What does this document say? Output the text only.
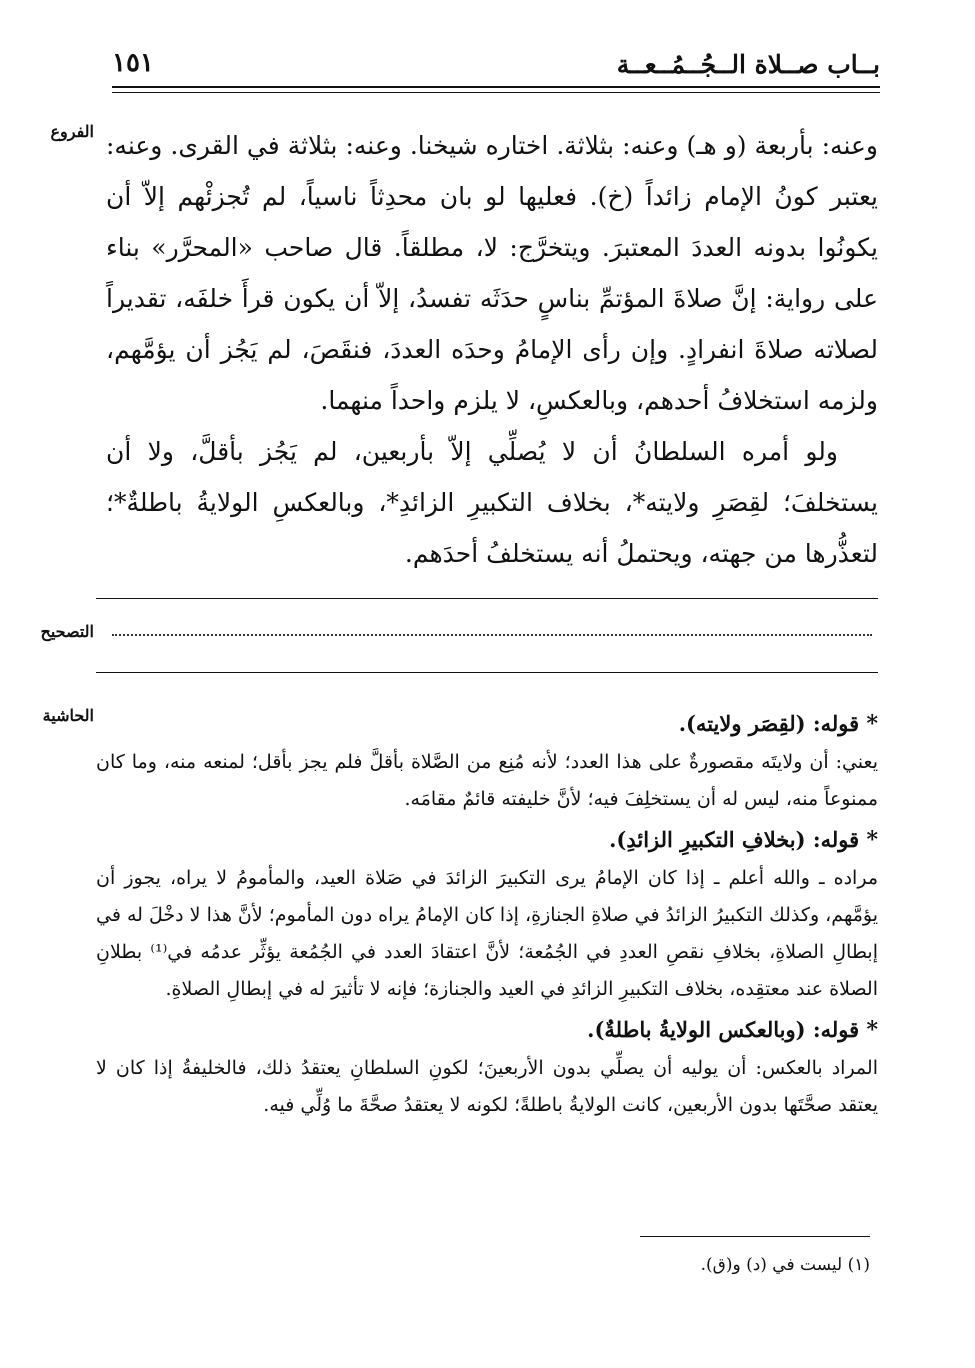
بــاب صــلاة الــجُــمُــعــة
١٥١
الفروع وعنه: بأربعة (و هـ) وعنه: بثلاثة. اختاره شيخنا. وعنه: بثلاثة في القرى. وعنه: يعتبر كونُ الإمام زائداً (خ). فعليها لو بان محدِثاً ناسياً، لم تُجزئْهم إلاّ أن يكونُوا بدونه العددَ المعتبرَ. ويتخرَّج: لا، مطلقاً. قال صاحب «المحرَّر» بناء على رواية: إنَّ صلاةَ المؤتمِّ بناسٍ حدَثَه تفسدُ، إلاّ أن يكون قرأَ خلفَه، تقديراً لصلاته صلاةَ انفرادٍ. وإن رأى الإمامُ وحدَه العددَ، فنقَصَ، لم يَجُز أن يؤمَّهم، ولزمه استخلافُ أحدهم، وبالعكسِ، لا يلزم واحداً منهما.

ولو أمره السلطانُ أن لا يُصلِّي إلاّ بأربعين، لم يَجُز بأقلَّ، ولا أن يستخلفَ؛ لقِصَرِ ولايته*، بخلاف التكبيرِ الزائدِ*، وبالعكسِ الولايةُ باطلةٌ*؛ لتعذُّرها من جهته، ويحتملُ أنه يستخلفُ أحدَهم.

التصحيح
الحاشية	* قوله: (لقِصَر ولايته).

يعني: أن ولايتَه مقصورةٌ على هذا العدد؛ لأنه مُنِع من الصَّلاة بأقلَّ فلم يجز بأقل؛ لمنعه منه، وما كان ممنوعاً منه، ليس له أن يستخلِفَ فيه؛ لأنَّ خليفته قائمٌ مقامَه.

* قوله: (بخلافِ التكبيرِ الزائدِ).

مراده ـ والله أعلم ـ إذا كان الإمامُ يرى التكبيرَ الزائدَ في صَلاة العيد، والمأمومُ لا يراه، يجوز أن يؤمَّهم، وكذلك التكبيرُ الزائدُ في صلاةِ الجنازةِ، إذا كان الإمامُ يراه دون المأموم؛ لأنَّ هذا لا دخْلَ له في إبطالِ الصلاةِ، بخلافِ نقصِ العددِ في الجُمُعة؛ لأنَّ اعتقادَ العدد في الجُمُعة يؤثِّر عدمُه في⁽¹⁾ بطلانِ الصلاة عند معتقِده، بخلاف التكبيرِ الزائدِ في العيد والجنازة؛ فإنه لا تأثيرَ له في إبطالِ الصلاةِ.

* قوله: (وبالعكس الولايةُ باطلةٌ).

المراد بالعكس: أن يوليه أن يصلِّي بدون الأربعينَ؛ لكونِ السلطانِ يعتقدُ ذلك، فالخليفةُ إذا كان لا يعتقد صحَّتَها بدون الأربعين، كانت الولايةُ باطلةً؛ لكونه لا يعتقدُ صحَّةَ ما وُلِّي فيه.

(١) ليست في (د) و(ق).
